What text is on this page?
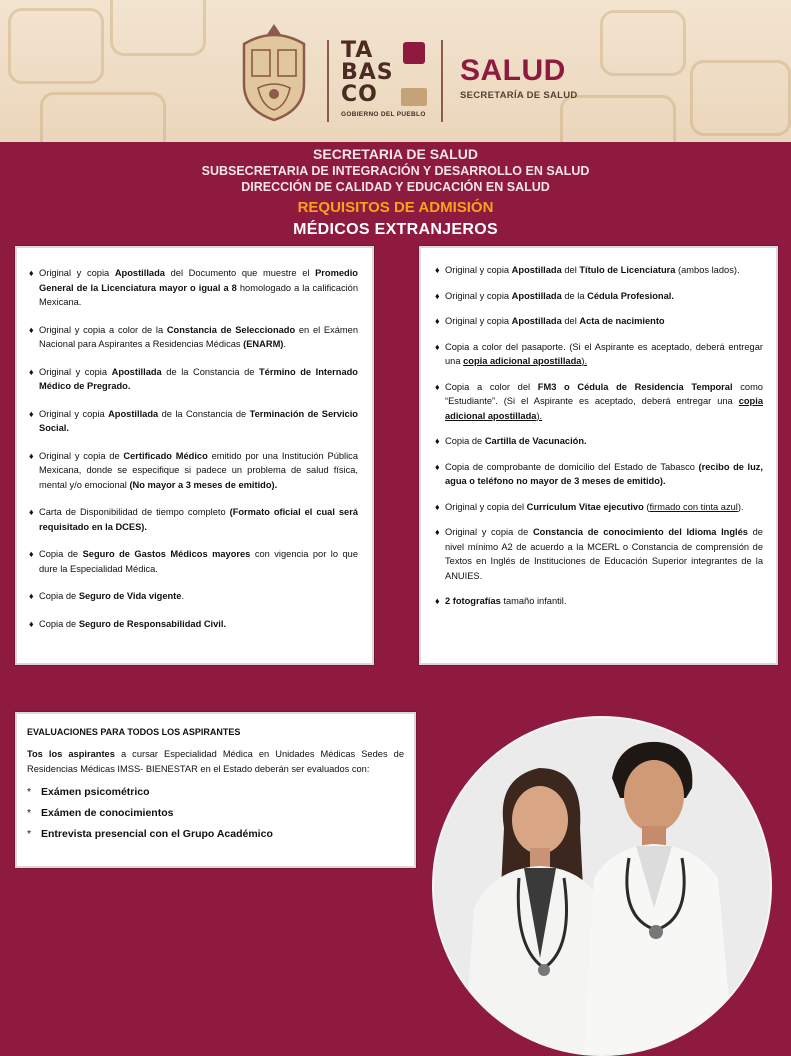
TA
BAS
CO
GOBIERNO DEL PUEBLO
SALUD
SECRETARÍA DE SALUD
SECRETARIA DE SALUD
SUBSECRETARIA DE INTEGRACIÓN Y DESARROLLO EN SALUD
DIRECCIÓN DE CALIDAD Y EDUCACIÓN EN SALUD
REQUISITOS DE ADMISIÓN
MÉDICOS EXTRANJEROS

♦ Original y copia Apostillada del Documento que muestre el Promedio General de la Licenciatura mayor o igual a 8 homologado a la calificación Mexicana.

♦ Original y copia a color de la Constancia de Seleccionado en el Exámen Nacional para Aspirantes a Residencias Médicas (ENARM).

♦ Original y copia Apostillada de la Constancia de Término de Internado Médico de Pregrado.

♦ Original y copia Apostillada de la Constancia de Terminación de Servicio Social.

♦ Original y copia de Certificado Médico emitido por una Institución Pública Mexicana, donde se especifique si padece un problema de salud física, mental y/o emocional (No mayor a 3 meses de emitido).

♦ Carta de Disponibilidad de tiempo completo (Formato oficial el cual será requisitado en la DCES).

♦ Copia de Seguro de Gastos Médicos mayores con vigencia por lo que dure la Especialidad Médica.

♦ Copia de Seguro de Vida vigente.

♦ Copia de Seguro de Responsabilidad Civil.

♦ Original y copia Apostillada del Título de Licenciatura (ambos lados).

♦ Original y copia Apostillada de la Cédula Profesional.

♦ Original y copia Apostillada del Acta de nacimiento

♦ Copia a color del pasaporte. (Si el Aspirante es aceptado, deberá entregar una copia adicional apostillada).

♦ Copia a color del FM3 o Cédula de Residencia Temporal como “Estudiante”. (Si el Aspirante es aceptado, deberá entregar una copia adicional apostillada).

♦ Copia de Cartilla de Vacunación.

♦ Copia de comprobante de domicilio del Estado de Tabasco (recibo de luz, agua o teléfono no mayor de 3 meses de emitido).

♦ Original y copia del Currículum Vitae ejecutivo (firmado con tinta azul).

♦ Original y copia de Constancia de conocimiento del Idioma Inglés de nivel mínimo A2 de acuerdo a la MCERL o Constancia de comprensión de Textos en Inglés de Instituciones de Educación Superior integrantes de la ANUIES.

♦ 2 fotografías tamaño infantil.

EVALUACIONES PARA TODOS LOS ASPIRANTES

Tos los aspirantes a cursar Especialidad Médica en Unidades Médicas Sedes de Residencias Médicas IMSS- BIENESTAR en el Estado deberán ser evaluados con:

* Exámen psicométrico

* Exámen de conocimientos

* Entrevista presencial con el Grupo Académico
